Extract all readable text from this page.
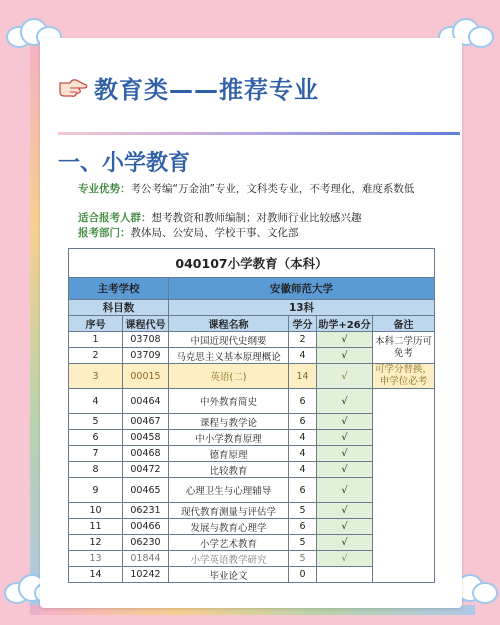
教育类——推荐专业
一、小学教育
专业优势：考公考编“万金油”专业，文科类专业，不考理化，难度系数低
适合报考人群：想考教资和教师编制；对教师行业比较感兴趣
报考部门：教体局、公安局、学校干事、文化部
040107小学教育（本科）					
主考学校		安徽师范大学			
科目数		13科			
序号	课程代号	课程名称	学分	助学+26分	备注
1	03708	中国近现代史纲要	2	√	本科二学历可免考
2	03709	马克思主义基本原理概论	4	√	
3	00015	英语(二)	14	√	可学分替换，申学位必考
4	00464	中外教育简史	6	√	
5	00467	课程与教学论	6	√	
6	00458	中小学教育原理	4	√	
7	00468	德育原理	4	√	
8	00472	比较教育	4	√	
9	00465	心理卫生与心理辅导	6	√	
10	06231	现代教育测量与评估学	5	√	
11	00466	发展与教育心理学	6	√	
12	06230	小学艺术教育	5	√	
13	01844	小学英语教学研究	5	√	
14	10242	毕业论文	0		
